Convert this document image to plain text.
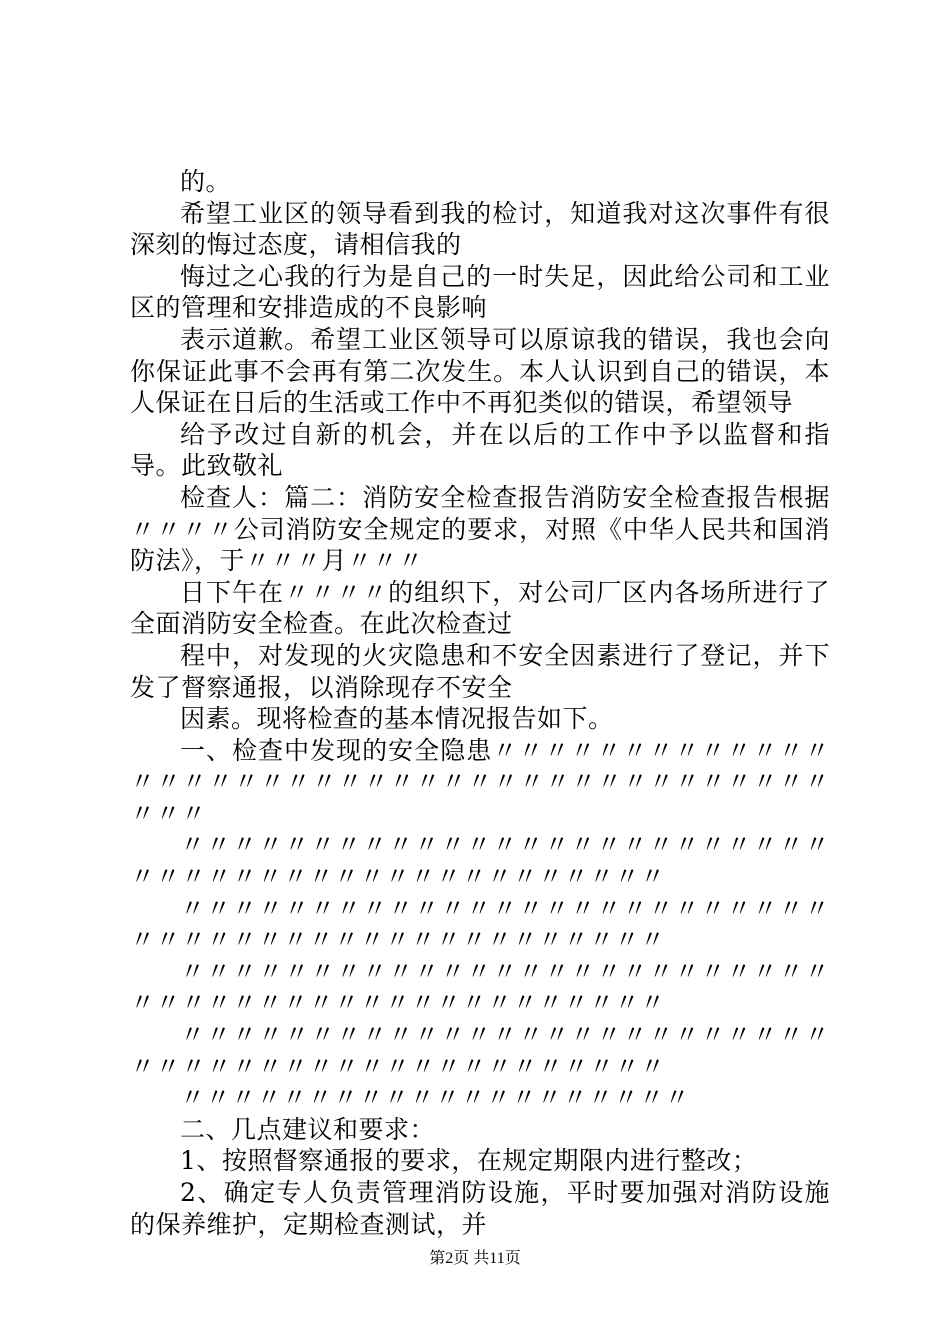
的。

希望工业区的领导看到我的检讨，知道我对这次事件有很深刻的悔过态度，请相信我的

悔过之心我的行为是自己的一时失足，因此给公司和工业区的管理和安排造成的不良影响

表示道歉。希望工业区领导可以原谅我的错误，我也会向你保证此事不会再有第二次发生。本人认识到自己的错误，本人保证在日后的生活或工作中不再犯类似的错误，希望领导

给予改过自新的机会，并在以后的工作中予以监督和指导。此致敬礼

检查人：篇二：消防安全检查报告消防安全检查报告根据〃〃〃〃公司消防安全规定的要求，对照《中华人民共和国消防法》，于〃〃〃月〃〃〃

日下午在〃〃〃〃的组织下，对公司厂区内各场所进行了全面消防安全检查。在此次检查过

程中，对发现的火灾隐患和不安全因素进行了登记，并下发了督察通报，以消除现存不安全

因素。现将检查的基本情况报告如下。

一、检查中发现的安全隐患〃〃〃〃〃〃〃〃〃〃〃〃〃〃〃〃〃〃〃〃〃〃〃〃〃〃〃〃〃〃〃〃〃〃〃〃〃〃〃〃〃〃〃

〃〃〃〃〃〃〃〃〃〃〃〃〃〃〃〃〃〃〃〃〃〃〃〃〃〃〃〃〃〃〃〃〃〃〃〃〃〃〃〃〃〃〃〃〃〃

〃〃〃〃〃〃〃〃〃〃〃〃〃〃〃〃〃〃〃〃〃〃〃〃〃〃〃〃〃〃〃〃〃〃〃〃〃〃〃〃〃〃〃〃〃〃

〃〃〃〃〃〃〃〃〃〃〃〃〃〃〃〃〃〃〃〃〃〃〃〃〃〃〃〃〃〃〃〃〃〃〃〃〃〃〃〃〃〃〃〃〃〃

〃〃〃〃〃〃〃〃〃〃〃〃〃〃〃〃〃〃〃〃〃〃〃〃〃〃〃〃〃〃〃〃〃〃〃〃〃〃〃〃〃〃〃〃〃〃

〃〃〃〃〃〃〃〃〃〃〃〃〃〃〃〃〃〃〃〃

二、几点建议和要求：

1、按照督察通报的要求，在规定期限内进行整改；

2、确定专人负责管理消防设施，平时要加强对消防设施的保养维护，定期检查测试，并

第2页 共11页
